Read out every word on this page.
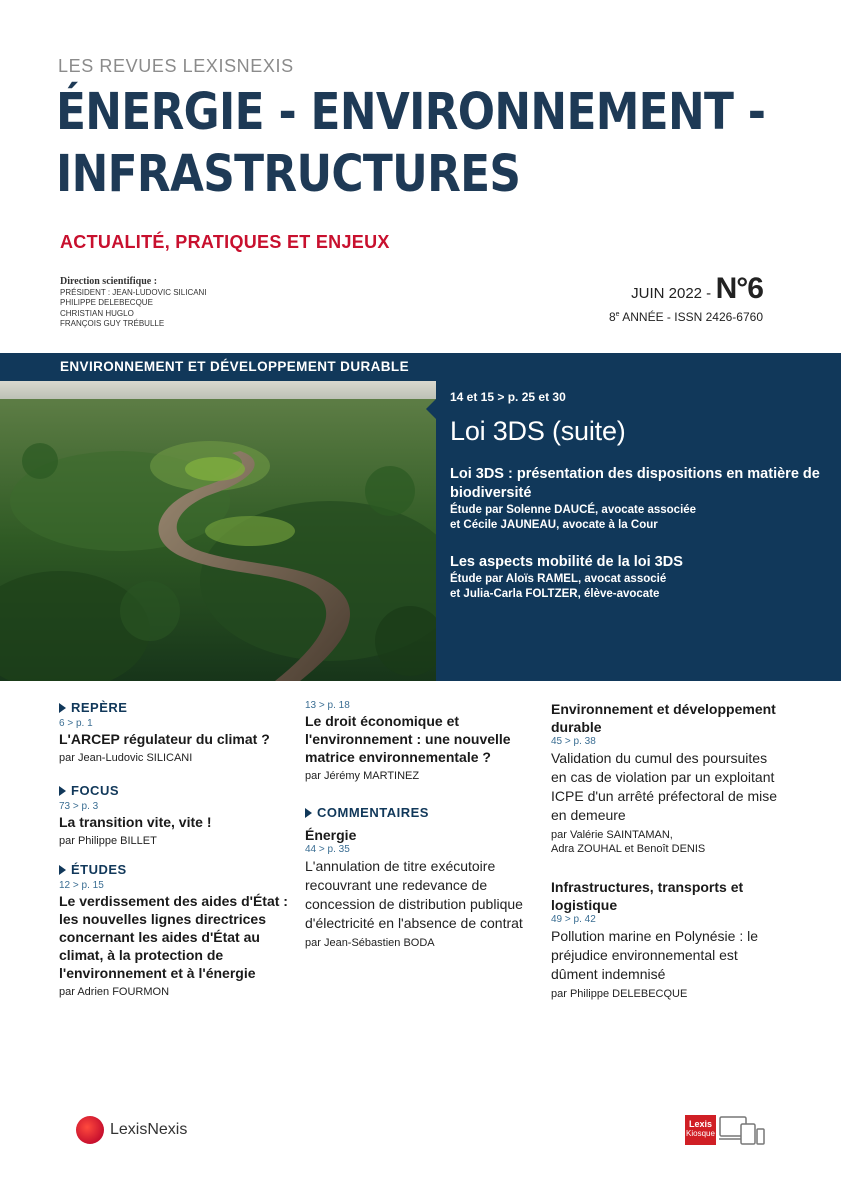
LES REVUES LEXISNEXIS
ÉNERGIE - ENVIRONNEMENT -
INFRASTRUCTURES
ACTUALITÉ, PRATIQUES ET ENJEUX
Direction scientifique :
PRÉSIDENT : JEAN-LUDOVIC SILICANI
PHILIPPE DELEBECQUE
CHRISTIAN HUGLO
FRANÇOIS GUY TRÉBULLE
JUIN 2022 - N°6
8e ANNÉE - ISSN 2426-6760
ENVIRONNEMENT ET DÉVELOPPEMENT DURABLE
14 et 15 > p. 25 et 30
Loi 3DS (suite)
Loi 3DS : présentation des dispositions en matière de biodiversité
Étude par Solenne DAUCÉ, avocate associée
et Cécile JAUNEAU, avocate à la Cour
Les aspects mobilité de la loi 3DS
Étude par Aloïs RAMEL, avocat associé
et Julia-Carla FOLTZER, élève-avocate
REPÈRE
6 > p. 1
L'ARCEP régulateur du climat ?
par Jean-Ludovic SILICANI
FOCUS
73 > p. 3
La transition vite, vite !
par Philippe BILLET
ÉTUDES
12 > p. 15
Le verdissement des aides d'État : les nouvelles lignes directrices concernant les aides d'État au climat, à la protection de l'environnement et à l'énergie
par Adrien FOURMON
13 > p. 18
Le droit économique et l'environnement : une nouvelle matrice environnementale ?
par Jérémy MARTINEZ
COMMENTAIRES
Énergie
44 > p. 35
L'annulation de titre exécutoire recouvrant une redevance de concession de distribution publique d'électricité en l'absence de contrat
par Jean-Sébastien BODA
Environnement et développement durable
45 > p. 38
Validation du cumul des poursuites en cas de violation par un exploitant ICPE d'un arrêté préfectoral de mise en demeure
par Valérie SAINTAMAN,
Adra ZOUHAL et Benoît DENIS
Infrastructures, transports et logistique
49 > p. 42
Pollution marine en Polynésie : le préjudice environnemental est dûment indemnisé
par Philippe DELEBECQUE
LexisNexis	Lexis
Kiosque
